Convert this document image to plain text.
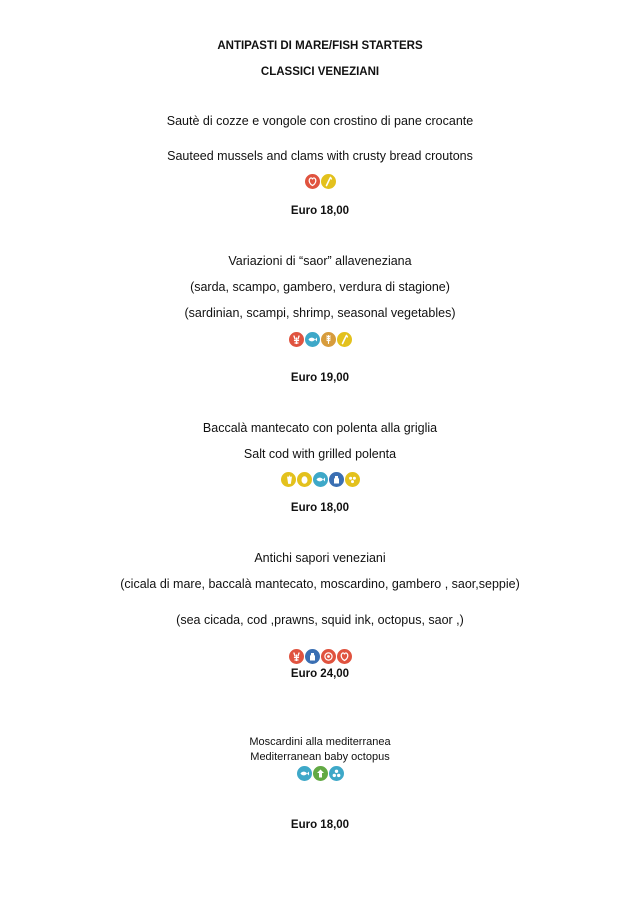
ANTIPASTI DI MARE/FISH STARTERS
CLASSICI VENEZIANI
Sautè di cozze e vongole con crostino di pane crocante
Sauteed mussels and clams with crusty bread croutons
Euro 18,00
Variazioni di “saor” allaveneziana
(sarda, scampo, gambero, verdura di stagione)
(sardinian, scampi, shrimp, seasonal vegetables)
Euro 19,00
Baccalà mantecato con polenta alla griglia
Salt cod with grilled polenta
Euro 18,00
Antichi sapori veneziani
(cicala di mare, baccalà mantecato, moscardino, gambero , saor,seppie)
(sea cicada, cod ,prawns, squid ink, octopus, saor ,)
Euro 24,00
Moscardini alla mediterranea
Mediterranean baby octopus
Euro 18,00
